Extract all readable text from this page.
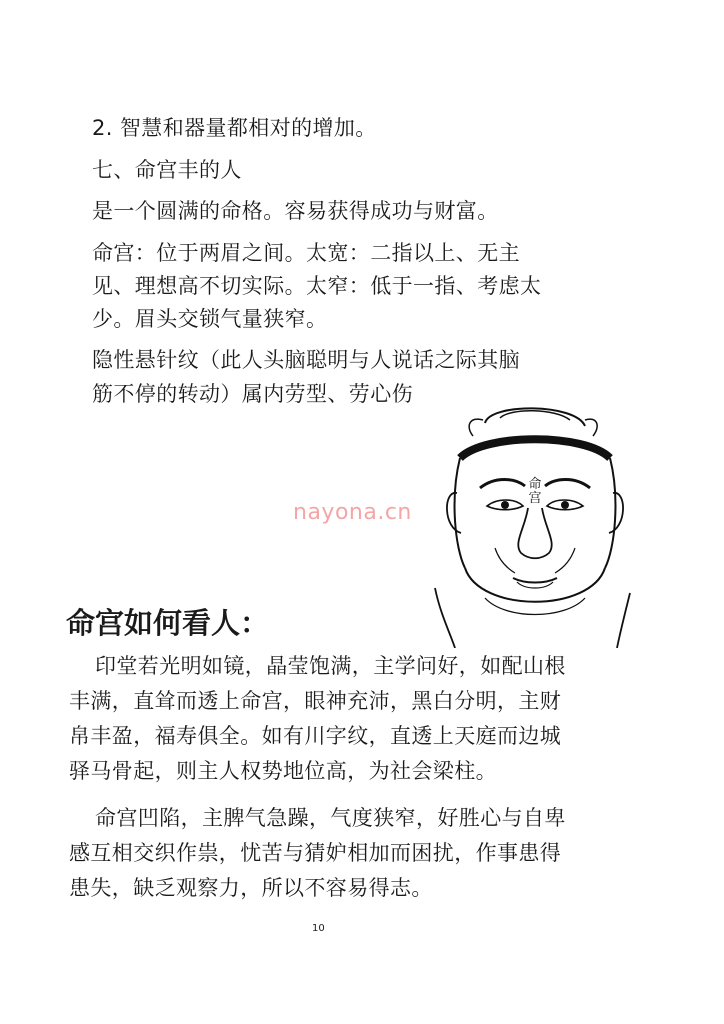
2. 智慧和器量都相对的增加。
七、命宫丰的人
是一个圆满的命格。容易获得成功与财富。
命宫：位于两眉之间。太宽：二指以上、无主
见、理想高不切实际。太窄：低于一指、考虑太
少。眉头交锁气量狭窄。
隐性悬针纹（此人头脑聪明与人说话之际其脑
筋不停的转动）属内劳型、劳心伤
命
宫
nayona.cn
命宫如何看人：
印堂若光明如镜，晶莹饱满，主学问好，如配山根
丰满，直耸而透上命宫，眼神充沛，黑白分明，主财
帛丰盈，福寿俱全。如有川字纹，直透上天庭而边城
驿马骨起，则主人权势地位高，为社会梁柱。
命宫凹陷，主脾气急躁，气度狭窄，好胜心与自卑
感互相交织作祟，忧苦与猜妒相加而困扰，作事患得
患失，缺乏观察力，所以不容易得志。
10
